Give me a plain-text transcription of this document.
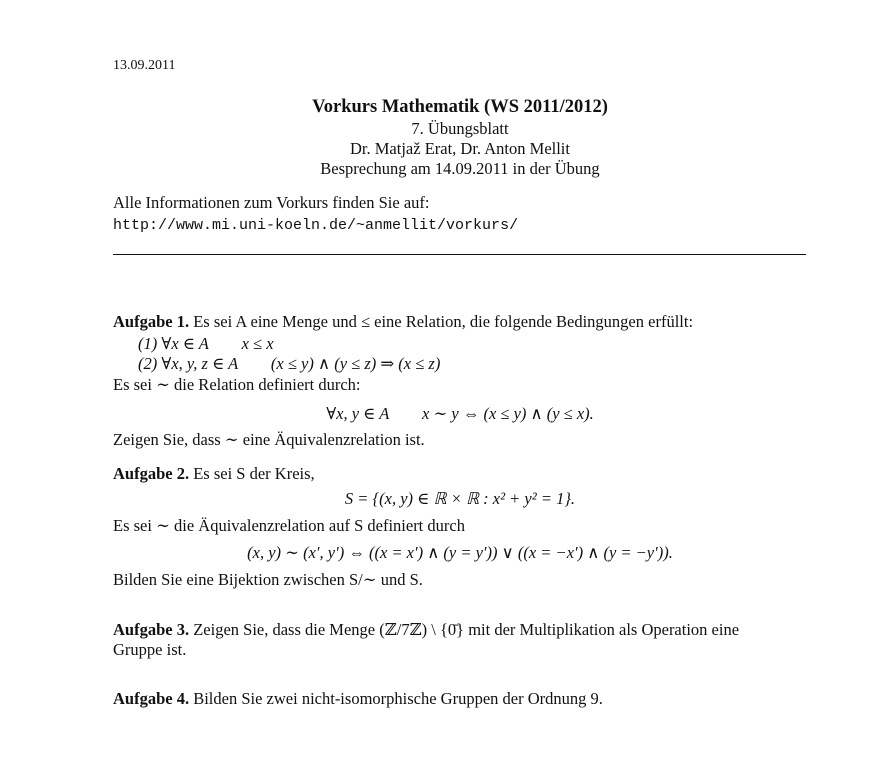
13.09.2011
Vorkurs Mathematik (WS 2011/2012)
7. Übungsblatt
Dr. Matjaž Erat, Dr. Anton Mellit
Besprechung am 14.09.2011 in der Übung
Alle Informationen zum Vorkurs finden Sie auf:
http://www.mi.uni-koeln.de/~anmellit/vorkurs/
Aufgabe 1. Es sei A eine Menge und ≤ eine Relation, die folgende Bedingungen erfüllt:
(1) ∀x ∈ A        x ≤ x
(2) ∀x, y, z ∈ A        (x ≤ y) ∧ (y ≤ z) ⇒ (x ≤ z)
Es sei ∼ die Relation definiert durch:
∀x, y ∈ A        x ∼ y ⇔ (x ≤ y) ∧ (y ≤ x).
Zeigen Sie, dass ∼ eine Äquivalenzrelation ist.
Aufgabe 2. Es sei S der Kreis,
S = {(x, y) ∈ ℝ × ℝ : x² + y² = 1}.
Es sei ∼ die Äquivalenzrelation auf S definiert durch
(x, y) ∼ (x′, y′) ⇔ ((x = x′) ∧ (y = y′)) ∨ ((x = −x′) ∧ (y = −y′)).
Bilden Sie eine Bijektion zwischen S/∼ und S.
Aufgabe 3. Zeigen Sie, dass die Menge (ℤ/7ℤ) \ {0̄} mit der Multiplikation als Operation eine
Gruppe ist.
Aufgabe 4. Bilden Sie zwei nicht-isomorphische Gruppen der Ordnung 9.
